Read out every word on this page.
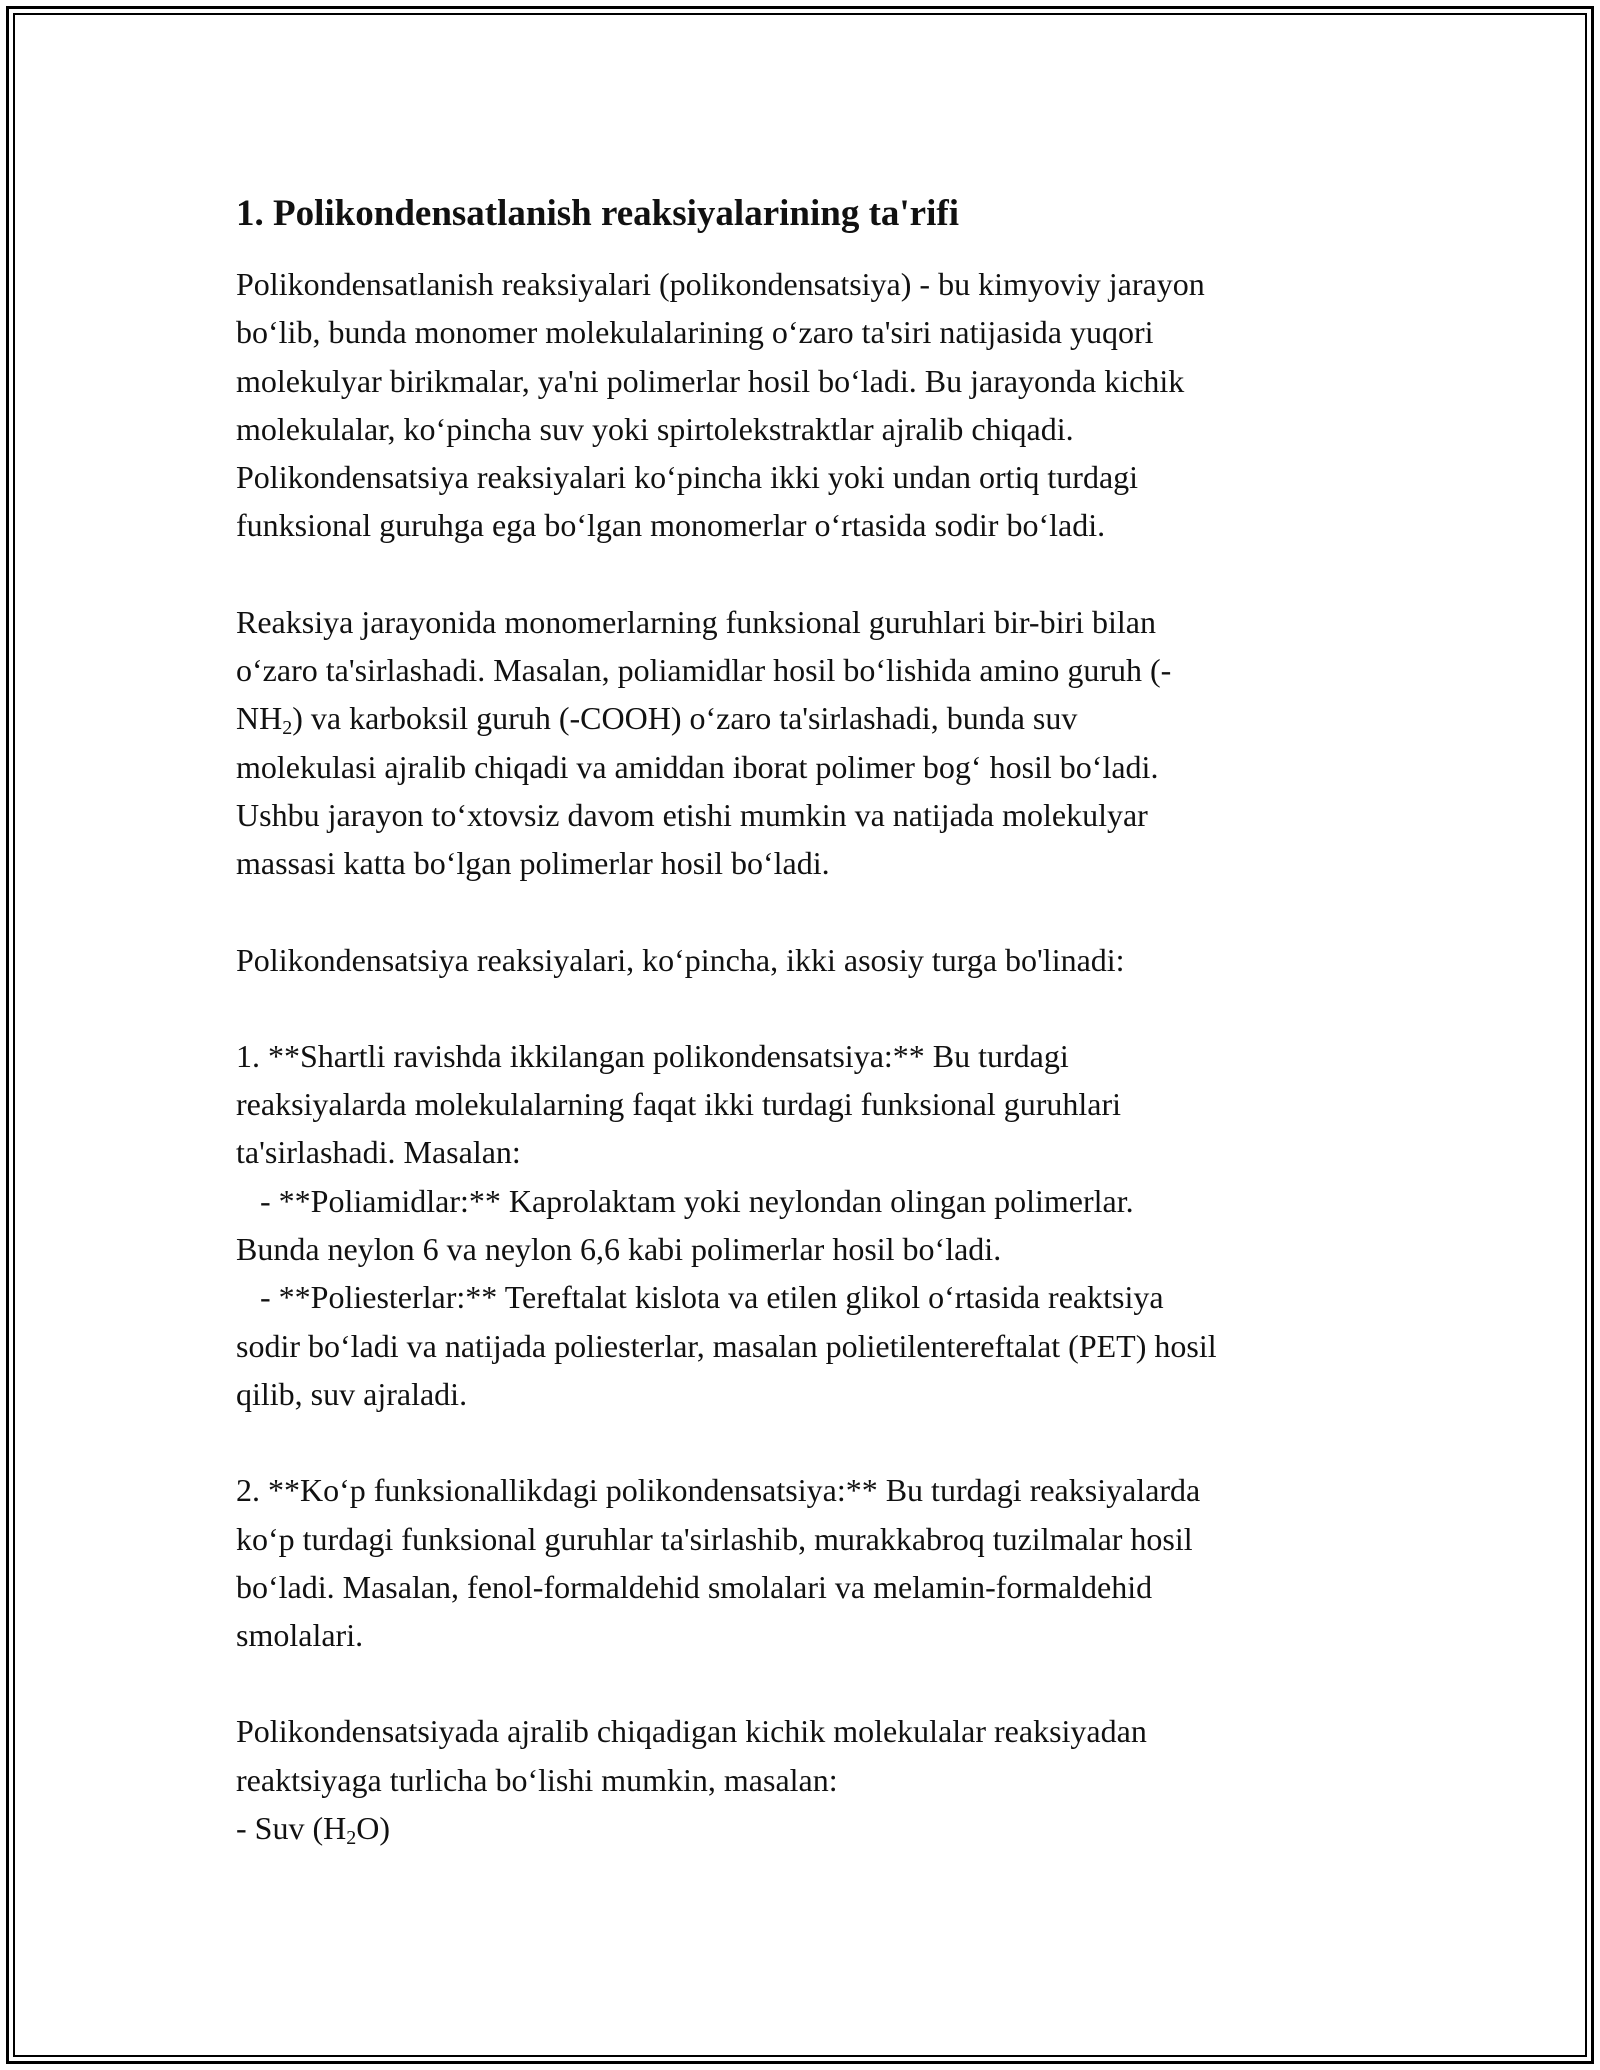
1. Polikondensatlanish reaksiyalarining ta'rifi

Polikondensatlanish reaksiyalari (polikondensatsiya) - bu kimyoviy jarayon
bo‘lib, bunda monomer molekulalarining o‘zaro ta'siri natijasida yuqori
molekulyar birikmalar, ya'ni polimerlar hosil bo‘ladi. Bu jarayonda kichik
molekulalar, ko‘pincha suv yoki spirtolekstraktlar ajralib chiqadi.
Polikondensatsiya reaksiyalari ko‘pincha ikki yoki undan ortiq turdagi
funksional guruhga ega bo‘lgan monomerlar o‘rtasida sodir bo‘ladi.

Reaksiya jarayonida monomerlarning funksional guruhlari bir-biri bilan
o‘zaro ta'sirlashadi. Masalan, poliamidlar hosil bo‘lishida amino guruh (-
$NH_2$) va karboksil guruh (-COOH) o‘zaro ta'sirlashadi, bunda suv
molekulasi ajralib chiqadi va amiddan iborat polimer bog‘ hosil bo‘ladi.
Ushbu jarayon to‘xtovsiz davom etishi mumkin va natijada molekulyar
massasi katta bo‘lgan polimerlar hosil bo‘ladi.

Polikondensatsiya reaksiyalari, ko‘pincha, ikki asosiy turga bo'linadi:

1. **Shartli ravishda ikkilangan polikondensatsiya:** Bu turdagi
reaksiyalarda molekulalarning faqat ikki turdagi funksional guruhlari
ta'sirlashadi. Masalan:
- **Poliamidlar:** Kaprolaktam yoki neylondan olingan polimerlar.
Bunda neylon 6 va neylon 6,6 kabi polimerlar hosil bo‘ladi.
- **Poliesterlar:** Tereftalat kislota va etilen glikol o‘rtasida reaktsiya
sodir bo‘ladi va natijada poliesterlar, masalan polietilentereftalat (PET) hosil
qilib, suv ajraladi.

2. **Ko‘p funksionallikdagi polikondensatsiya:** Bu turdagi reaksiyalarda
ko‘p turdagi funksional guruhlar ta'sirlashib, murakkabroq tuzilmalar hosil
bo‘ladi. Masalan, fenol-formaldehid smolalari va melamin-formaldehid
smolalari.

Polikondensatsiyada ajralib chiqadigan kichik molekulalar reaksiyadan
reaktsiyaga turlicha bo‘lishi mumkin, masalan:
- Suv $(H_2O)$
